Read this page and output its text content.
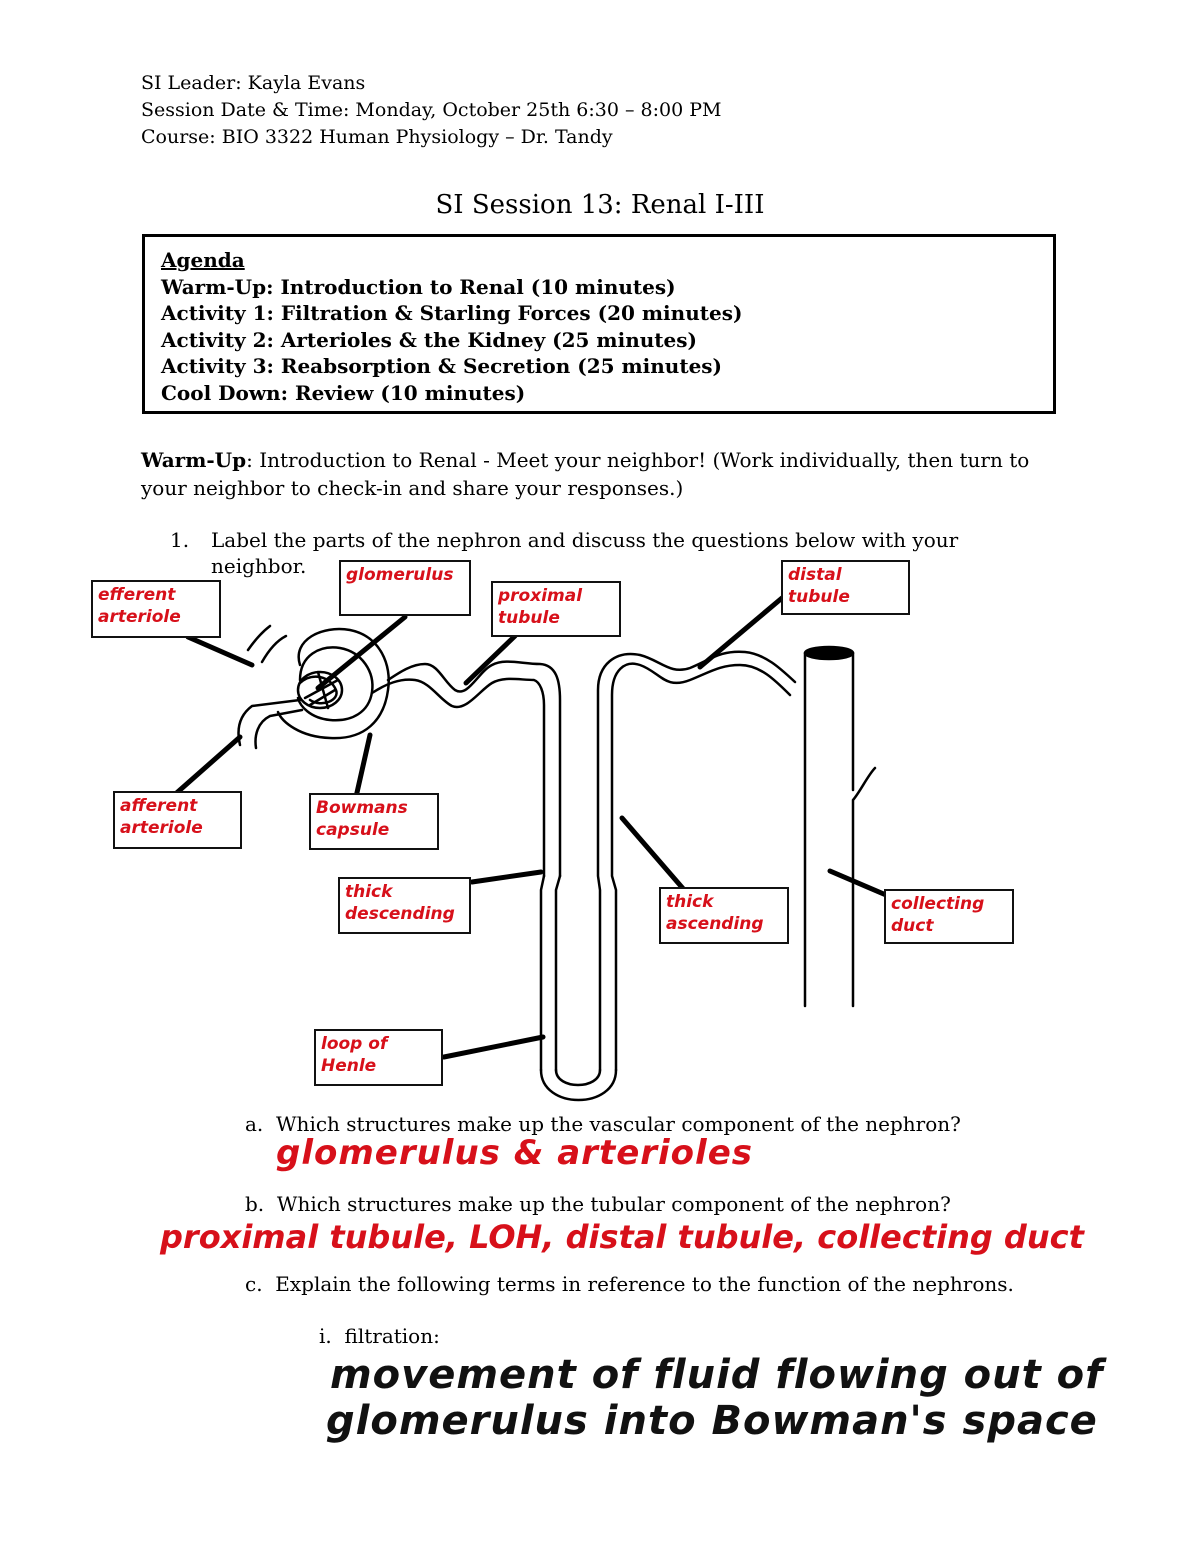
SI Leader: Kayla Evans
Session Date & Time: Monday, October 25th 6:30 – 8:00 PM
Course: BIO 3322 Human Physiology – Dr. Tandy
SI Session 13: Renal I-III
Agenda
Warm-Up: Introduction to Renal (10 minutes)
Activity 1: Filtration & Starling Forces (20 minutes)
Activity 2: Arterioles & the Kidney (25 minutes)
Activity 3: Reabsorption & Secretion (25 minutes)
Cool Down: Review (10 minutes)
Warm-Up: Introduction to Renal - Meet your neighbor! (Work individually, then turn to your neighbor to check-in and share your responses.)
1. Label the parts of the nephron and discuss the questions below with your neighbor.
efferent arteriole
glomerulus
proximal tubule
distal tubule
afferent arteriole
Bowmans capsule
thick descending
thick ascending
collecting duct
loop of Henle
a. Which structures make up the vascular component of the nephron?
glomerulus & arterioles
b. Which structures make up the tubular component of the nephron?
proximal tubule, LOH, distal tubule, collecting duct
c. Explain the following terms in reference to the function of the nephrons.
i. filtration:
movement of fluid flowing out of
glomerulus into Bowman's space
